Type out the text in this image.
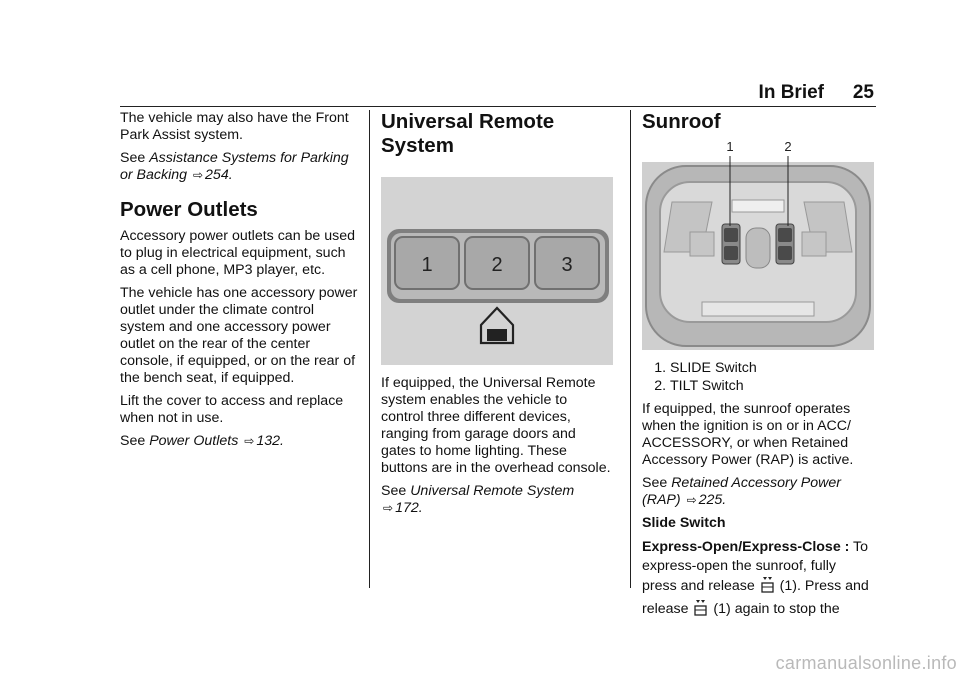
In Brief 25

The vehicle may also have the Front Park Assist system.

See Assistance Systems for Parking or Backing ⇨ 254.

Power Outlets

Accessory power outlets can be used to plug in electrical equipment, such as a cell phone, MP3 player, etc.

The vehicle has one accessory power outlet under the climate control system and one accessory power outlet on the rear of the center console, if equipped, or on the rear of the bench seat, if equipped.

Lift the cover to access and replace when not in use.

See Power Outlets ⇨ 132.

Universal Remote System
1	2	3

If equipped, the Universal Remote system enables the vehicle to control three different devices, ranging from garage doors and gates to home lighting. These buttons are in the overhead console.

See Universal Remote System
⇨ 172.

Sunroof
1	2
1. SLIDE Switch
2. TILT Switch

If equipped, the sunroof operates when the ignition is on or in ACC/ ACCESSORY, or when Retained Accessory Power (RAP) is active.

See Retained Accessory Power (RAP) ⇨ 225.

Slide Switch

Express-Open/Express-Close : To express-open the sunroof, fully
press and release  (1). Press and
release  (1) again to stop the

carmanualsonline.info
